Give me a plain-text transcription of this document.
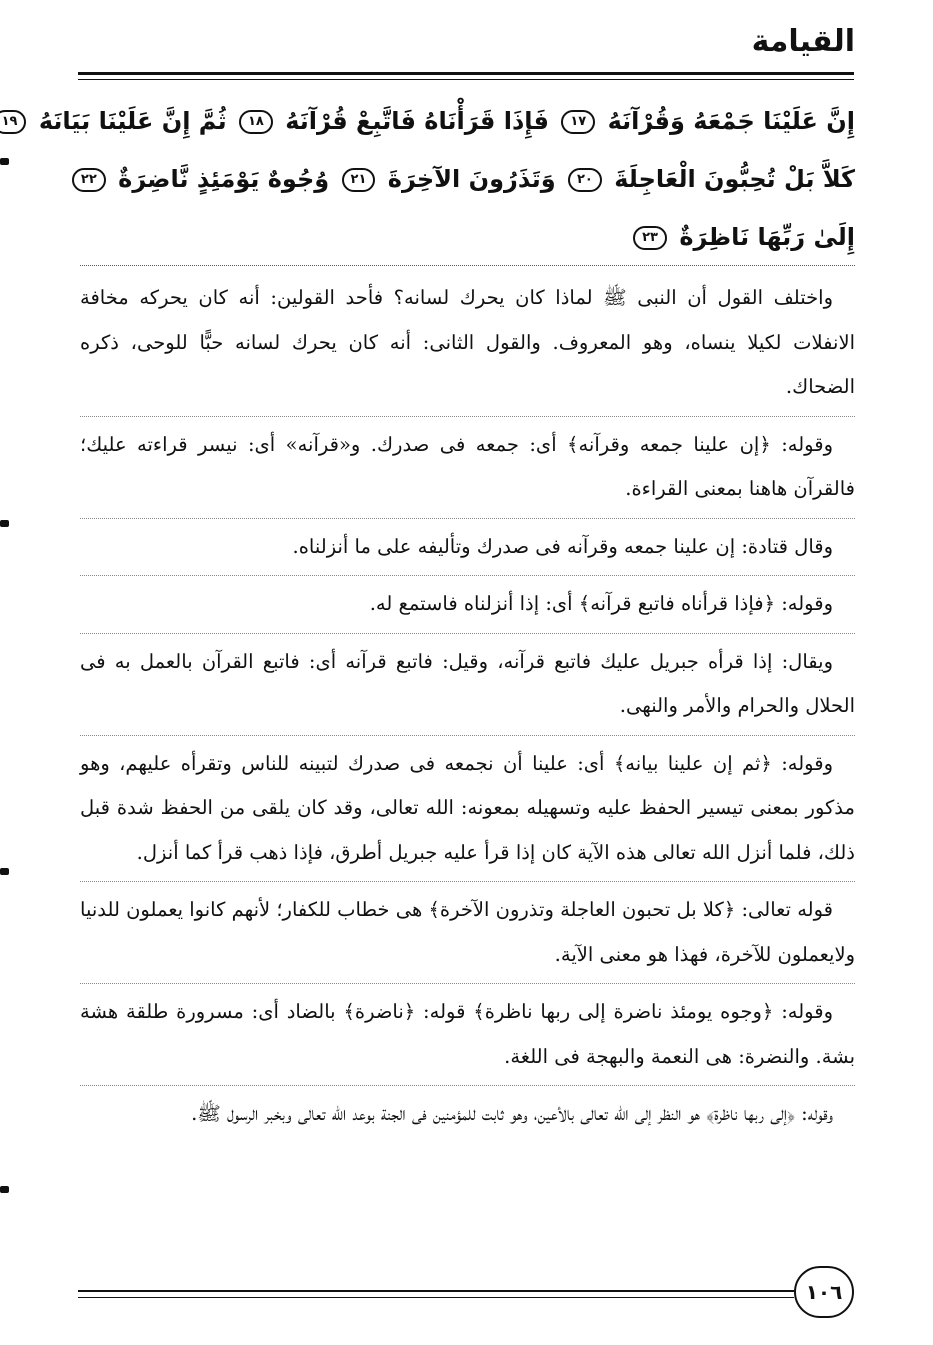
القيامة
إِنَّ عَلَيْنَا جَمْعَهُ وَقُرْآنَهُ ١٧ فَإِذَا قَرَأْنَاهُ فَاتَّبِعْ قُرْآنَهُ ١٨ ثُمَّ إِنَّ عَلَيْنَا بَيَانَهُ ١٩
كَلاَّ بَلْ تُحِبُّونَ الْعَاجِلَةَ ٢٠ وَتَذَرُونَ الآخِرَةَ ٢١ وُجُوهٌ يَوْمَئِذٍ نَّاضِرَةٌ ٢٢
إِلَىٰ رَبِّهَا نَاظِرَةٌ ٢٣

واختلف القول أن النبى ﷺ لماذا كان يحرك لسانه؟ فأحد القولين: أنه كان يحركه مخافة الانفلات لكيلا ينساه، وهو المعروف. والقول الثانى: أنه كان يحرك لسانه حبًّا للوحى، ذكره الضحاك.

وقوله: ﴿إن علينا جمعه وقرآنه﴾ أى: جمعه فى صدرك. و«قرآنه» أى: نيسر قراءته عليك؛ فالقرآن هاهنا بمعنى القراءة.

وقال قتادة: إن علينا جمعه وقرآنه فى صدرك وتأليفه على ما أنزلناه.

وقوله: ﴿فإذا قرأناه فاتبع قرآنه﴾ أى: إذا أنزلناه فاستمع له.

ويقال: إذا قرأه جبريل عليك فاتبع قرآنه، وقيل: فاتبع قرآنه أى: فاتبع القرآن بالعمل به فى الحلال والحرام والأمر والنهى.

وقوله: ﴿ثم إن علينا بيانه﴾ أى: علينا أن نجمعه فى صدرك لتبينه للناس وتقرأه عليهم، وهو مذكور بمعنى تيسير الحفظ عليه وتسهيله بمعونه: الله تعالى، وقد كان يلقى من الحفظ شدة قبل ذلك، فلما أنزل الله تعالى هذه الآية كان إذا قرأ عليه جبريل أطرق، فإذا ذهب قرأ كما أنزل.

قوله تعالى: ﴿كلا بل تحبون العاجلة وتذرون الآخرة﴾ هى خطاب للكفار؛ لأنهم كانوا يعملون للدنيا ولايعملون للآخرة، فهذا هو معنى الآية.

وقوله: ﴿وجوه يومئذ ناضرة إلى ربها ناظرة﴾ قوله: ﴿ناضرة﴾ بالضاد أى: مسرورة طلقة هشة بشة. والنضرة: هى النعمة والبهجة فى اللغة.

وقوله: ﴿إلى ربها ناظرة﴾ هو النظر إلى الله تعالى بالأعين، وهو ثابت للمؤمنين فى الجنة بوعد الله تعالى وبخبر الرسول ﷺ.

١٠٦
